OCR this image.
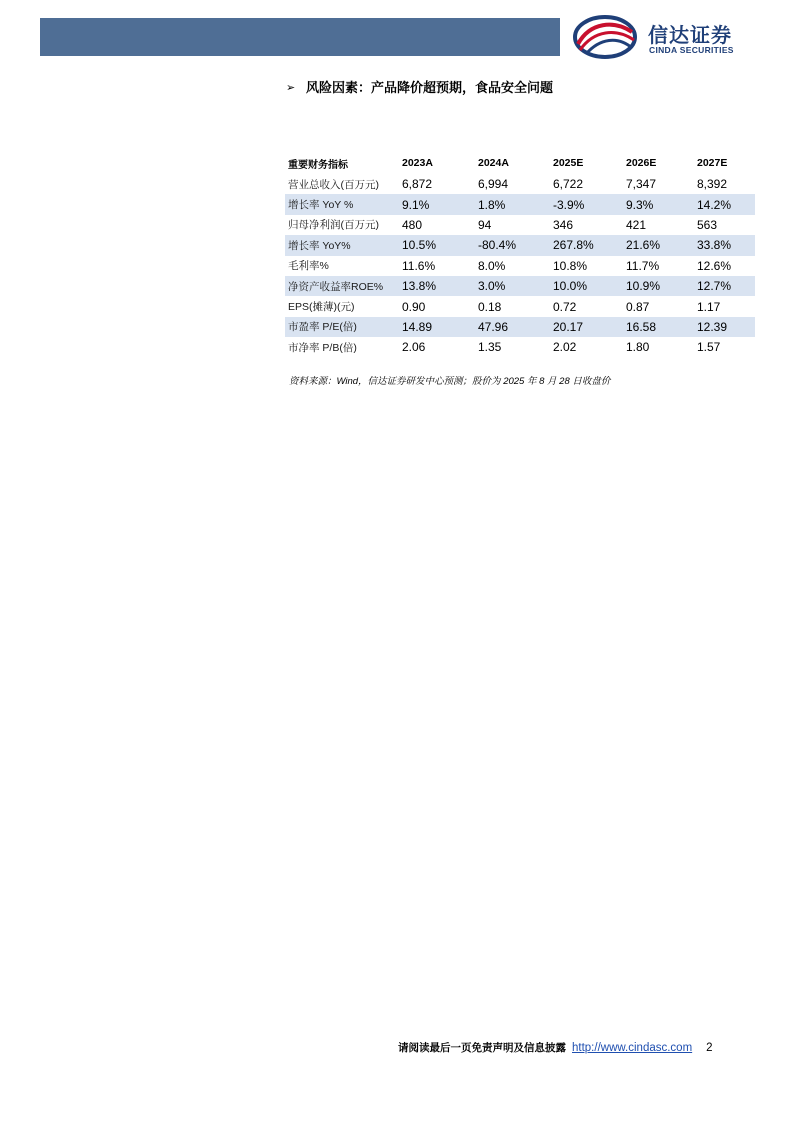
信达证券
CINDA SECURITIES
➢ 风险因素：产品降价超预期，食品安全问题
重要财务指标	2023A	2024A	2025E	2026E	2027E
营业总收入(百万元)	6,872	6,994	6,722	7,347	8,392
增长率 YoY %	9.1%	1.8%	-3.9%	9.3%	14.2%
归母净利润(百万元)	480	94	346	421	563
增长率 YoY%	10.5%	-80.4%	267.8%	21.6%	33.8%
毛利率%	11.6%	8.0%	10.8%	11.7%	12.6%
净资产收益率ROE%	13.8%	3.0%	10.0%	10.9%	12.7%
EPS(摊薄)(元)	0.90	0.18	0.72	0.87	1.17
市盈率 P/E(倍)	14.89	47.96	20.17	16.58	12.39
市净率 P/B(倍)	2.06	1.35	2.02	1.80	1.57
资料来源：Wind，信达证券研发中心预测；股价为 2025 年 8 月 28 日收盘价
请阅读最后一页免责声明及信息披露 http://www.cindasc.com 2
